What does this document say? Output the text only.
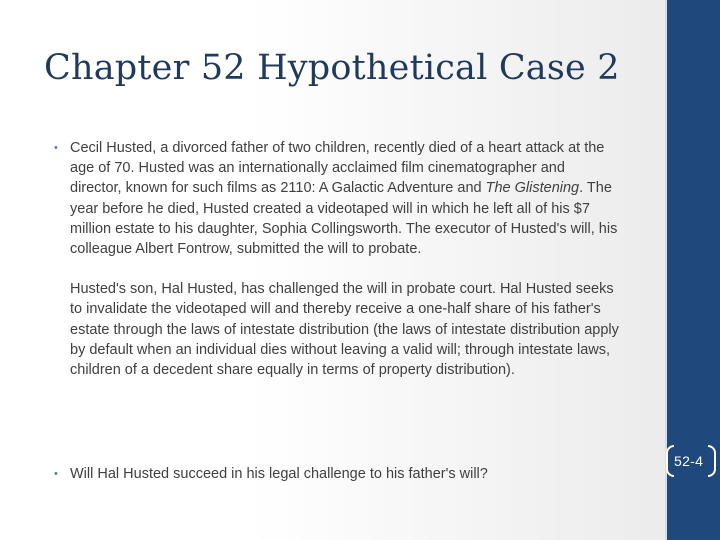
Chapter 52 Hypothetical Case 2
• Cecil Husted, a divorced father of two children, recently died of a heart attack at the age of 70. Husted was an internationally acclaimed film cinematographer and director, known for such films as 2110: A Galactic Adventure and The Glistening. The year before he died, Husted created a videotaped will in which he left all of his $7 million estate to his daughter, Sophia Collingsworth. The executor of Husted's will, his colleague Albert Fontrow, submitted the will to probate.
Husted's son, Hal Husted, has challenged the will in probate court. Hal Husted seeks to invalidate the videotaped will and thereby receive a one-half share of his father's estate through the laws of intestate distribution (the laws of intestate distribution apply by default when an individual dies without leaving a valid will; through intestate laws, children of a decedent share equally in terms of property distribution).
• Will Hal Husted succeed in his legal challenge to his father's will?
52-4
